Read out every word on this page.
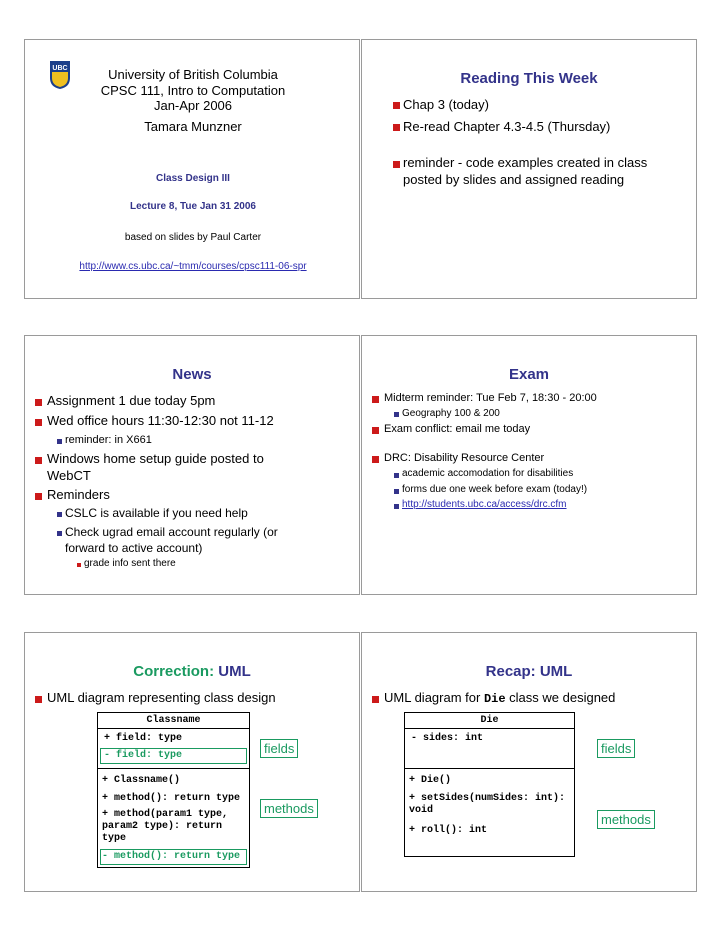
UBC	University of British Columbia
CPSC 111, Intro to Computation
Jan-Apr 2006
Tamara Munzner
Class Design III
Lecture 8, Tue Jan 31 2006
based on slides by Paul Carter
http://www.cs.ubc.ca/~tmm/courses/cpsc111-06-spr
Reading This Week
Chap 3 (today)
Re-read Chapter 4.3-4.5 (Thursday)
reminder - code examples created in class
posted by slides and assigned reading
News
Assignment 1 due today 5pm
Wed office hours 11:30-12:30 not 11-12
reminder: in X661
Windows home setup guide posted to
WebCT
Reminders
CSLC is available if you need help
Check ugrad email account regularly (or
forward to active account)
grade info sent there
Exam
Midterm reminder: Tue Feb 7, 18:30 - 20:00
Geography 100 & 200
Exam conflict: email me today
DRC: Disability Resource Center
academic accomodation for disabilities
forms due one week before exam (today!)
http://students.ubc.ca/access/drc.cfm
Correction: UML
UML diagram representing class design
Classname
+ field: type
- field: type
+ Classname()
+ method(): return type
+ method(param1 type,
param2 type): return
type
- method(): return type
fields
methods
Recap: UML
UML diagram for Die class we designed
Die
- sides: int
+ Die()
+ setSides(numSides: int):
void
+ roll(): int
fields
methods
